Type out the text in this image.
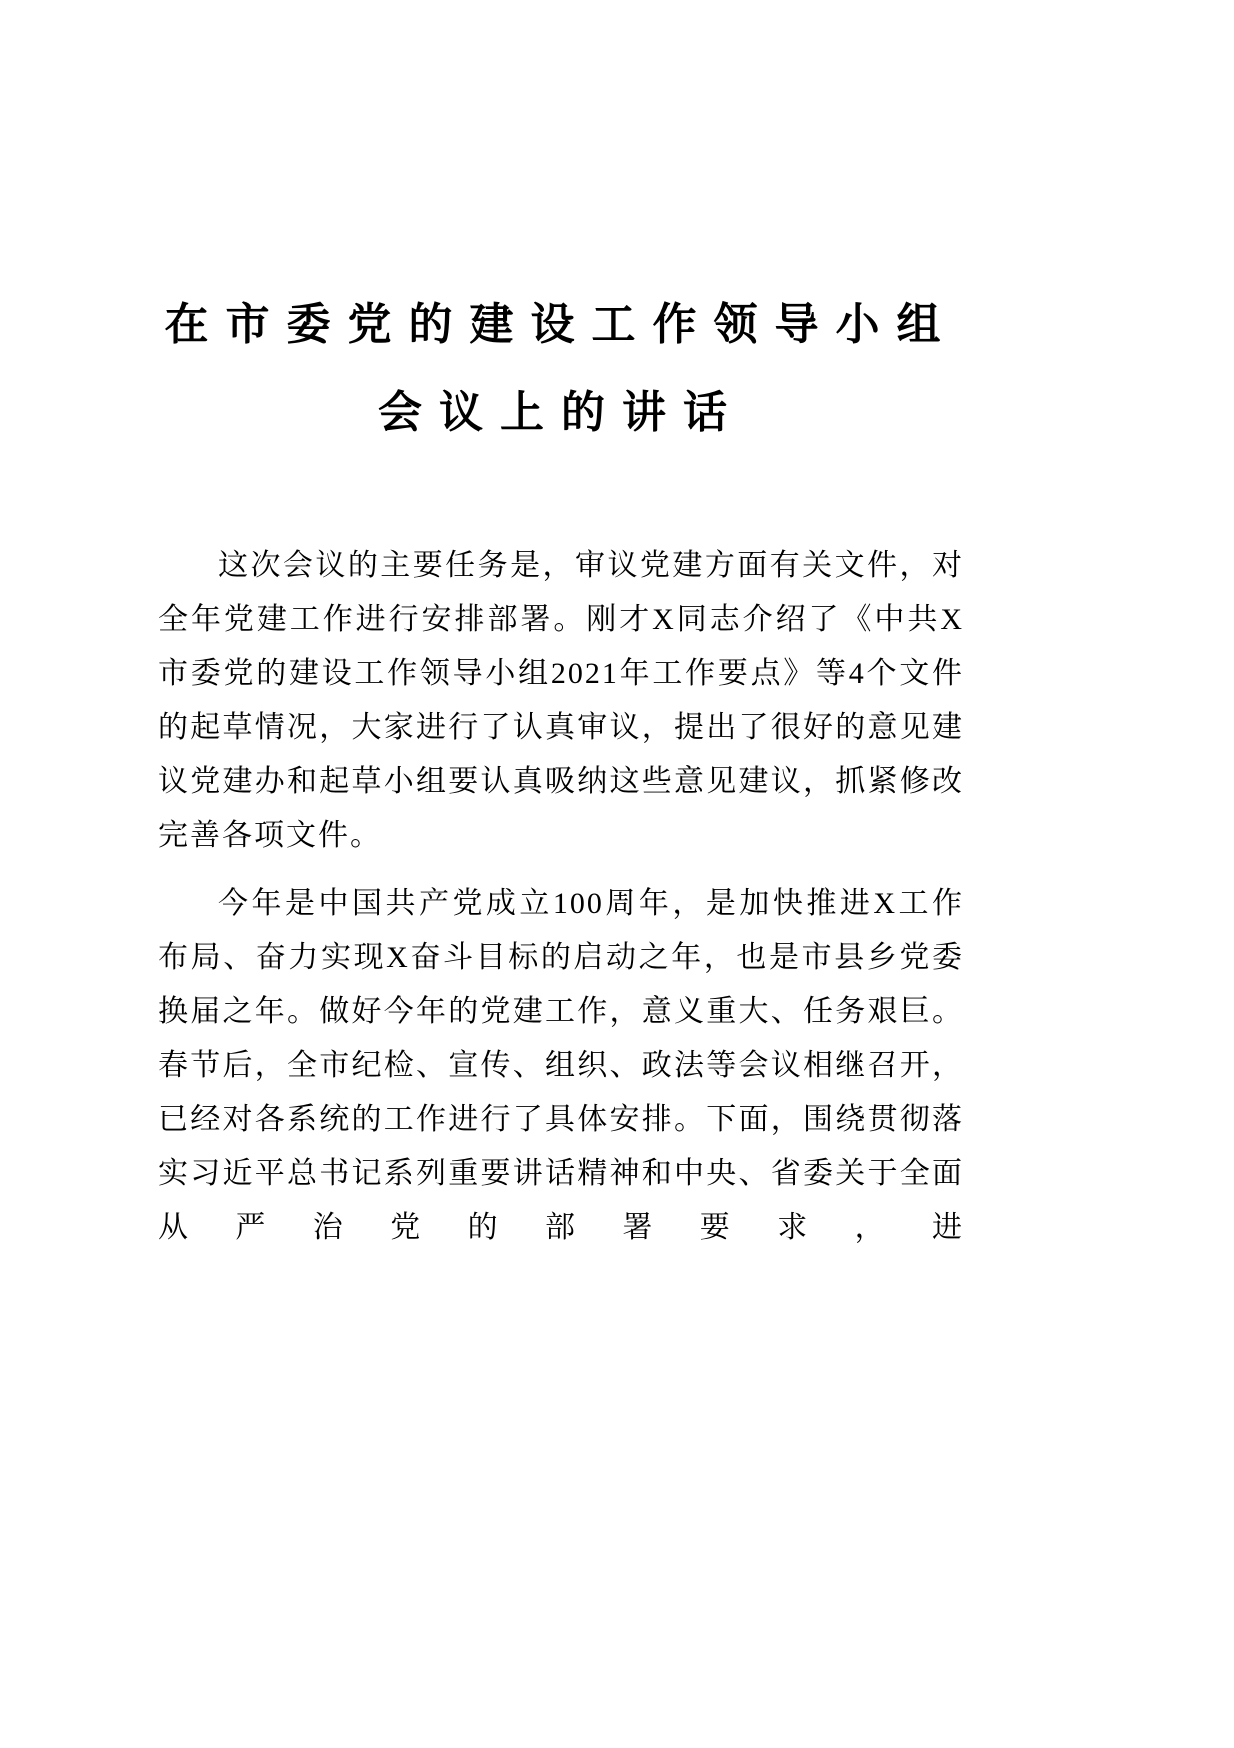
在市委党的建设工作领导小组
会议上的讲话

这次会议的主要任务是，审议党建方面有关文件，对全年党建工作进行安排部署。刚才X同志介绍了《中共X市委党的建设工作领导小组2021年工作要点》等4个文件的起草情况，大家进行了认真审议，提出了很好的意见建议党建办和起草小组要认真吸纳这些意见建议，抓紧修改完善各项文件。

今年是中国共产党成立100周年，是加快推进X工作布局、奋力实现X奋斗目标的启动之年，也是市县乡党委换届之年。做好今年的党建工作，意义重大、任务艰巨。春节后，全市纪检、宣传、组织、政法等会议相继召开，已经对各系统的工作进行了具体安排。下面，围绕贯彻落实习近平总书记系列重要讲话精神和中央、省委关于全面从严治党的部署要求，进
